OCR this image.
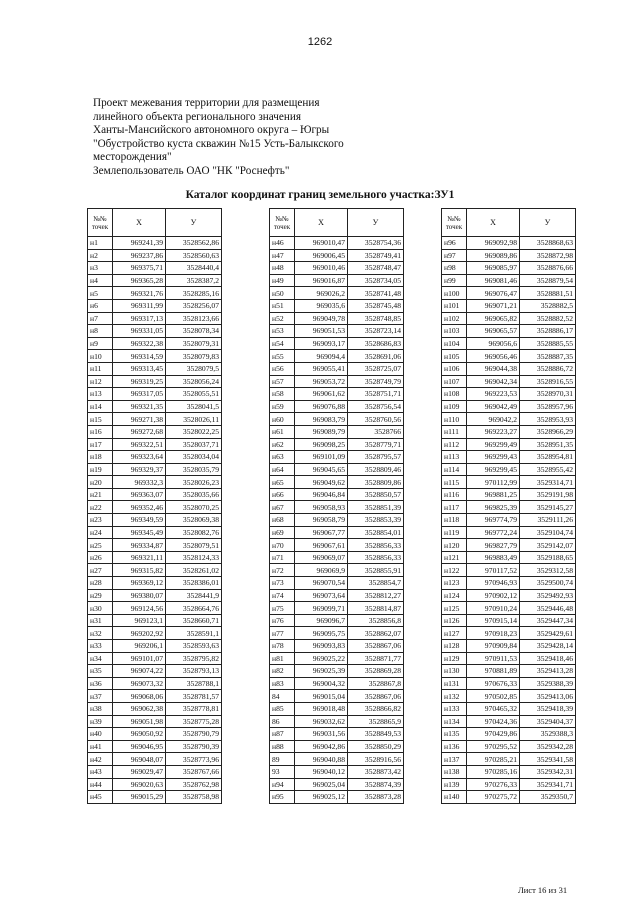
1262
Проект межевания территории для размещения
линейного объекта регионального значения
Ханты-Мансийского автономного округа – Югры
"Обустройство куста скважин №15 Усть-Балыкского
месторождения"
Землепользователь ОАО "НК "Роснефть"
Каталог координат границ земельного участка:ЗУ1
№№
точек	X	У
н1	969241,39	3528562,86
н2	969237,86	3528560,63
н3	969375,71	3528440,4
н4	969365,28	3528387,2
н5	969321,76	3528285,16
н6	969311,99	3528256,07
н7	969317,13	3528123,66
н8	969331,05	3528078,34
н9	969322,38	3528079,31
н10	969314,59	3528079,83
н11	969313,45	3528079,5
н12	969319,25	3528056,24
н13	969317,05	3528055,51
н14	969321,35	3528041,5
н15	969271,38	3528026,11
н16	969272,68	3528022,25
н17	969322,51	3528037,71
н18	969323,64	3528034,04
н19	969329,37	3528035,79
н20	969332,3	3528026,23
н21	969363,07	3528035,66
н22	969352,46	3528070,25
н23	969349,59	3528069,38
н24	969345,49	3528082,76
н25	969334,87	3528079,51
н26	969321,11	3528124,33
н27	969315,82	3528261,02
н28	969369,12	3528386,01
н29	969380,07	3528441,9
н30	969124,56	3528664,76
н31	969123,1	3528660,71
н32	969202,92	3528591,1
н33	969206,1	3528593,63
н34	969101,07	3528795,82
н35	969074,22	3528793,13
н36	969073,32	3528788,1
н37	969068,06	3528781,57
н38	969062,38	3528778,81
н39	969051,98	3528775,28
н40	969050,92	3528790,79
н41	969046,95	3528790,39
н42	969048,07	3528773,96
н43	969029,47	3528767,66
н44	969020,63	3528762,98
н45	969015,29	3528758,98
№№
точек	X	У
н46	969010,47	3528754,36
н47	969006,45	3528749,41
н48	969010,46	3528748,47
н49	969016,87	3528734,05
н50	969026,2	3528741,48
н51	969035,6	3528745,48
н52	969049,78	3528748,85
н53	969051,53	3528723,14
н54	969093,17	3528686,83
н55	969094,4	3528691,06
н56	969055,41	3528725,07
н57	969053,72	3528749,79
н58	969061,62	3528751,71
н59	969076,88	3528756,54
н60	969083,79	3528760,56
н61	969089,79	3528766
н62	969098,25	3528779,71
н63	969101,09	3528795,57
н64	969045,65	3528809,46
н65	969049,62	3528809,86
н66	969046,84	3528850,57
н67	969058,93	3528851,39
н68	969058,79	3528853,39
н69	969067,77	3528854,01
н70	969067,61	3528856,33
н71	969069,07	3528856,33
н72	969069,9	3528855,91
н73	969070,54	3528854,7
н74	969073,64	3528812,27
н75	969099,71	3528814,87
н76	969096,7	3528856,8
н77	969095,75	3528862,07
н78	969093,83	3528867,06
н81	969025,22	3528871,77
н82	969025,39	3528869,28
н83	969004,32	3528867,8
84	969015,04	3528867,06
н85	969018,48	3528866,82
86	969032,62	3528865,9
н87	969031,56	3528849,53
н88	969042,86	3528850,29
89	969040,88	3528916,56
93	969040,12	3528873,42
н94	969025,04	3528874,39
н95	969025,12	3528873,28
№№
точек	X	У
н96	969092,98	3528868,63
н97	969089,86	3528872,98
н98	969085,97	3528876,66
н99	969081,46	3528879,54
н100	969076,47	3528881,51
н101	969071,21	3528882,5
н102	969065,82	3528882,52
н103	969065,57	3528886,17
н104	969056,6	3528885,55
н105	969056,46	3528887,35
н106	969044,38	3528886,72
н107	969042,34	3528916,55
н108	969223,53	3528970,31
н109	969042,49	3528957,96
н110	969042,2	3528953,93
н111	969223,27	3528966,29
н112	969299,49	3528951,35
н113	969299,43	3528954,81
н114	969299,45	3528955,42
н115	970112,99	3529314,71
н116	969881,25	3529191,98
н117	969825,39	3529145,27
н118	969774,79	3529111,26
н119	969772,24	3529104,74
н120	969827,79	3529142,07
н121	969883,49	3529188,65
н122	970117,52	3529312,58
н123	970946,93	3529500,74
н124	970902,12	3529492,93
н125	970910,24	3529446,48
н126	970915,14	3529447,34
н127	970918,23	3529429,61
н128	970909,84	3529428,14
н129	970911,53	3529418,46
н130	970881,89	3529413,28
н131	970676,33	3529388,39
н132	970502,85	3529413,06
н133	970465,32	3529418,39
н134	970424,36	3529404,37
н135	970429,86	3529388,3
н136	970295,52	3529342,28
н137	970285,21	3529341,58
н138	970285,16	3529342,31
н139	970276,33	3529341,71
н140	970275,72	3529350,7
Лист 16 из 31
